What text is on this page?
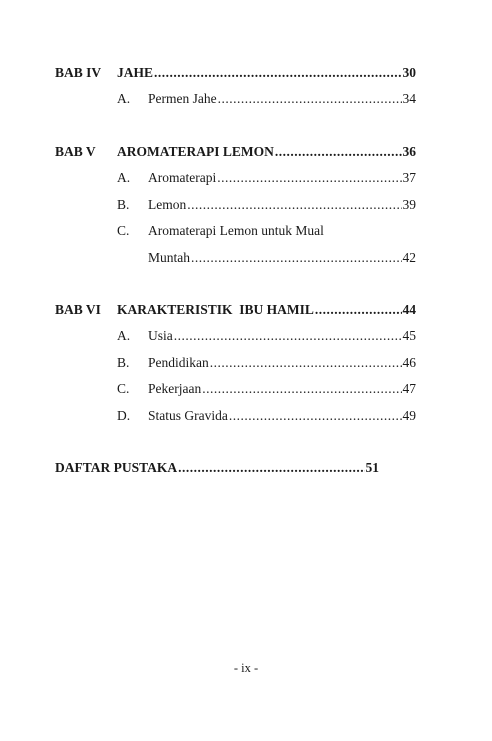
BAB IV	JAHE .....	30
A.	Permen Jahe .....	34
BAB V	AROMATERAPI LEMON .....	36
A.	Aromaterapi .....	37
B.	Lemon .....	39
C.	Aromaterapi Lemon untuk Mual
Muntah .....	42
BAB VI	KARAKTERISTIK  IBU HAMIL .....	44
A.	Usia .....	45
B.	Pendidikan .....	46
C.	Pekerjaan .....	47
D.	Status Gravida .....	49
DAFTAR PUSTAKA .....	51
- ix -
